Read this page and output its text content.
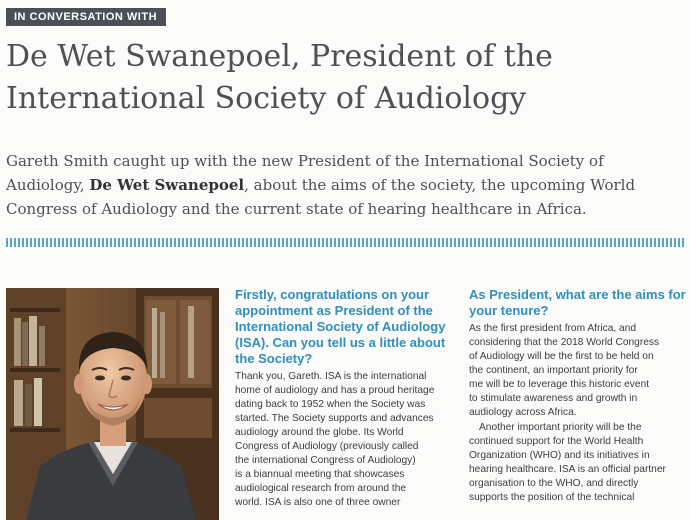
IN CONVERSATION WITH
De Wet Swanepoel, President of the
International Society of Audiology

Gareth Smith caught up with the new President of the International Society of Audiology, De Wet Swanepoel, about the aims of the society, the upcoming World Congress of Audiology and the current state of hearing healthcare in Africa.

Firstly, congratulations on your
appointment as President of the
International Society of Audiology
(ISA). Can you tell us a little about
the Society?

Thank you, Gareth. ISA is the international
home of audiology and has a proud heritage
dating back to 1952 when the Society was
started. The Society supports and advances
audiology around the globe. Its World
Congress of Audiology (previously called
the international Congress of Audiology)
is a biannual meeting that showcases
audiological research from around the
world. ISA is also one of three owner

As President, what are the aims for
your tenure?

As the first president from Africa, and
considering that the 2018 World Congress
of Audiology will be the first to be held on
the continent, an important priority for
me will be to leverage this historic event
to stimulate awareness and growth in
audiology across Africa.

Another important priority will be the
continued support for the World Health
Organization (WHO) and its initiatives in
hearing healthcare. ISA is an official partner
organisation to the WHO, and directly
supports the position of the technical
